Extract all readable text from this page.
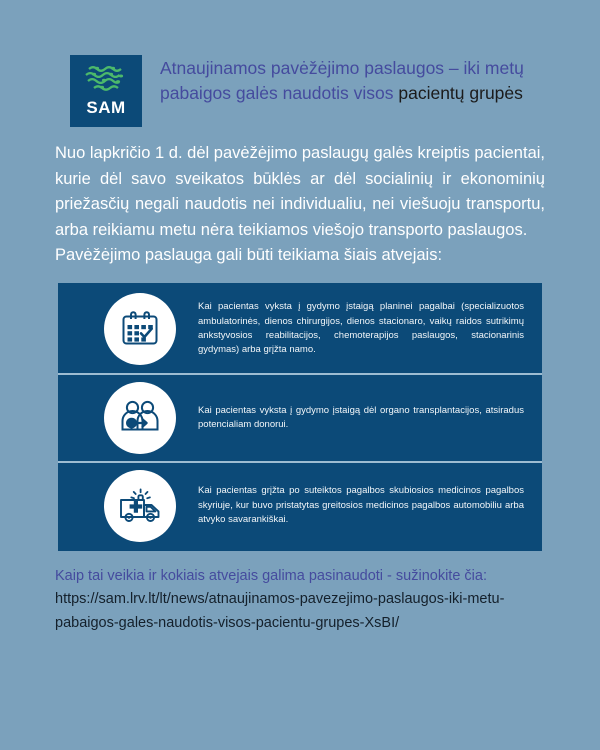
SAM
Atnaujinamos pavėžėjimo paslaugos – iki metų pabaigos galės naudotis visos pacientų grupės
Nuo lapkričio 1 d. dėl pavėžėjimo paslaugų galės kreiptis pacientai, kurie dėl savo sveikatos būklės ar dėl socialinių ir ekonominių priežasčių negali naudotis nei individualiu, nei viešuoju transportu, arba reikiamu metu nėra teikiamos viešojo transporto paslaugos.
Pavėžėjimo paslauga gali būti teikiama šiais atvejais:
Kai pacientas vyksta į gydymo įstaigą planinei pagalbai (specializuotos ambulatorinės, dienos chirurgijos, dienos stacionaro, vaikų raidos sutrikimų ankstyvosios reabilitacijos, chemoterapijos paslaugos, stacionarinis gydymas) arba grįžta namo.
Kai pacientas vyksta į gydymo įstaigą dėl organo transplantacijos, atsiradus potencialiam donorui.
Kai pacientas grįžta po suteiktos pagalbos skubiosios medicinos pagalbos skyriuje, kur buvo pristatytas greitosios medicinos pagalbos automobiliu arba atvyko savarankiškai.
Kaip tai veikia ir kokiais atvejais galima pasinaudoti - sužinokite čia: https://sam.lrv.lt/lt/news/atnaujinamos-pavezejimo-paslaugos-iki-metu-pabaigos-gales-naudotis-visos-pacientu-grupes-XsBI/
